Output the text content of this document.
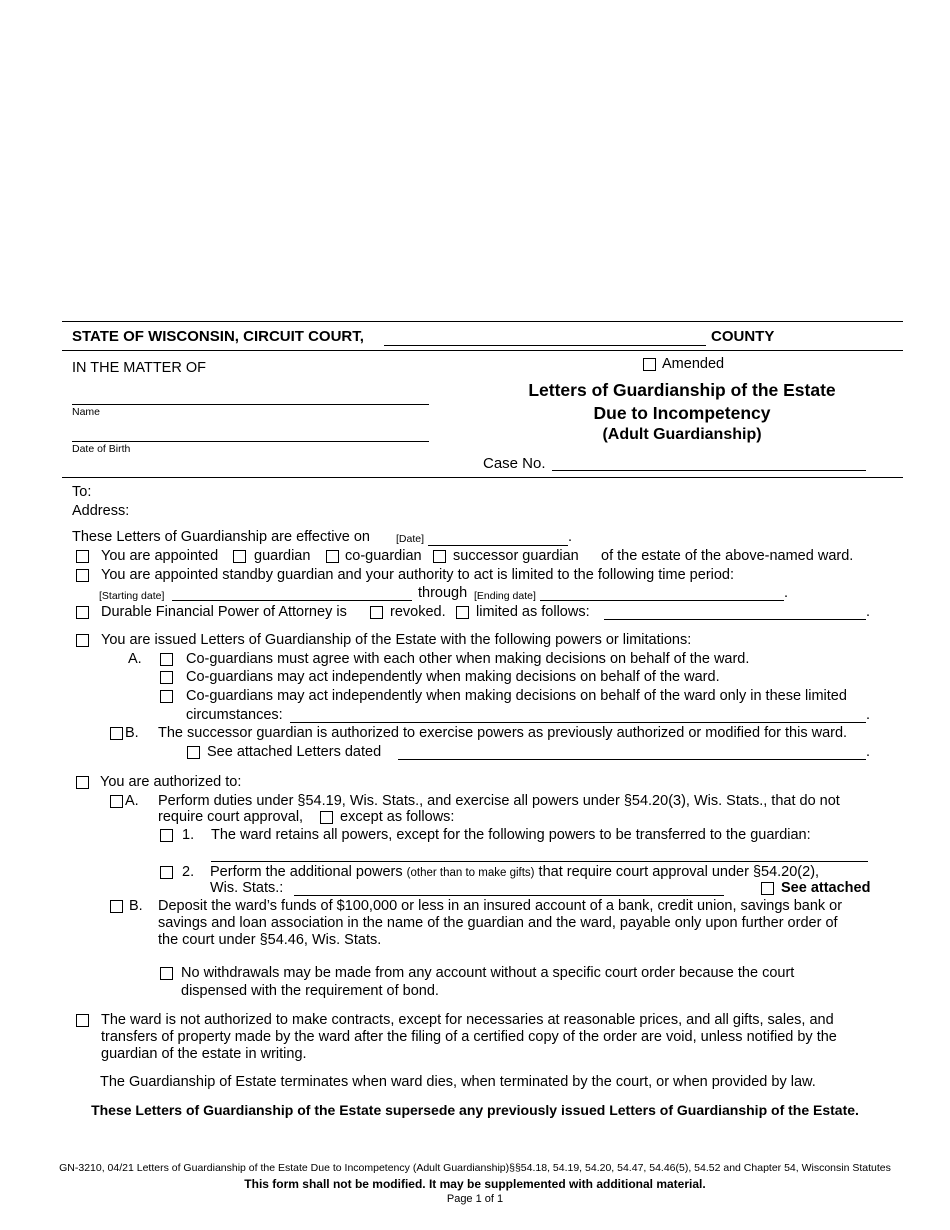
STATE OF WISCONSIN, CIRCUIT COURT,	COUNTY
IN THE MATTER OF
Name
Date of Birth
Amended
Letters of Guardianship of the Estate
Due to Incompetency
(Adult Guardianship)
Case No.
To:
Address:
These Letters of Guardianship are effective on [Date]	.
You are appointed guardian co-guardian successor guardian of the estate of the above-named ward.
You are appointed standby guardian and your authority to act is limited to the following time period:
[Starting date]	through [Ending date]	.
Durable Financial Power of Attorney is	revoked. limited as follows:	.
You are issued Letters of Guardianship of the Estate with the following powers or limitations:
A.	Co-guardians must agree with each other when making decisions on behalf of the ward.
Co-guardians may act independently when making decisions on behalf of the ward.
Co-guardians may act independently when making decisions on behalf of the ward only in these limited
circumstances:	.
B. The successor guardian is authorized to exercise powers as previously authorized or modified for this ward.
See attached Letters dated	.
You are authorized to:
A. Perform duties under §54.19, Wis. Stats., and exercise all powers under §54.20(3), Wis. Stats., that do not
require court approval,	except as follows:
1. The ward retains all powers, except for the following powers to be transferred to the guardian:
2. Perform the additional powers (other than to make gifts) that require court approval under §54.20(2),
Wis. Stats.:	See attached
B. Deposit the ward’s funds of $100,000 or less in an insured account of a bank, credit union, savings bank or
savings and loan association in the name of the guardian and the ward, payable only upon further order of
the court under §54.46, Wis. Stats.
No withdrawals may be made from any account without a specific court order because the court
dispensed with the requirement of bond.
The ward is not authorized to make contracts, except for necessaries at reasonable prices, and all gifts, sales, and
transfers of property made by the ward after the filing of a certified copy of the order are void, unless notified by the
guardian of the estate in writing.
The Guardianship of Estate terminates when ward dies, when terminated by the court, or when provided by law.
These Letters of Guardianship of the Estate supersede any previously issued Letters of Guardianship of the Estate.
GN-3210, 04/21 Letters of Guardianship of the Estate Due to Incompetency (Adult Guardianship)§§54.18, 54.19, 54.20, 54.47, 54.46(5), 54.52 and Chapter 54, Wisconsin Statutes
This form shall not be modified. It may be supplemented with additional material.
Page 1 of 1
